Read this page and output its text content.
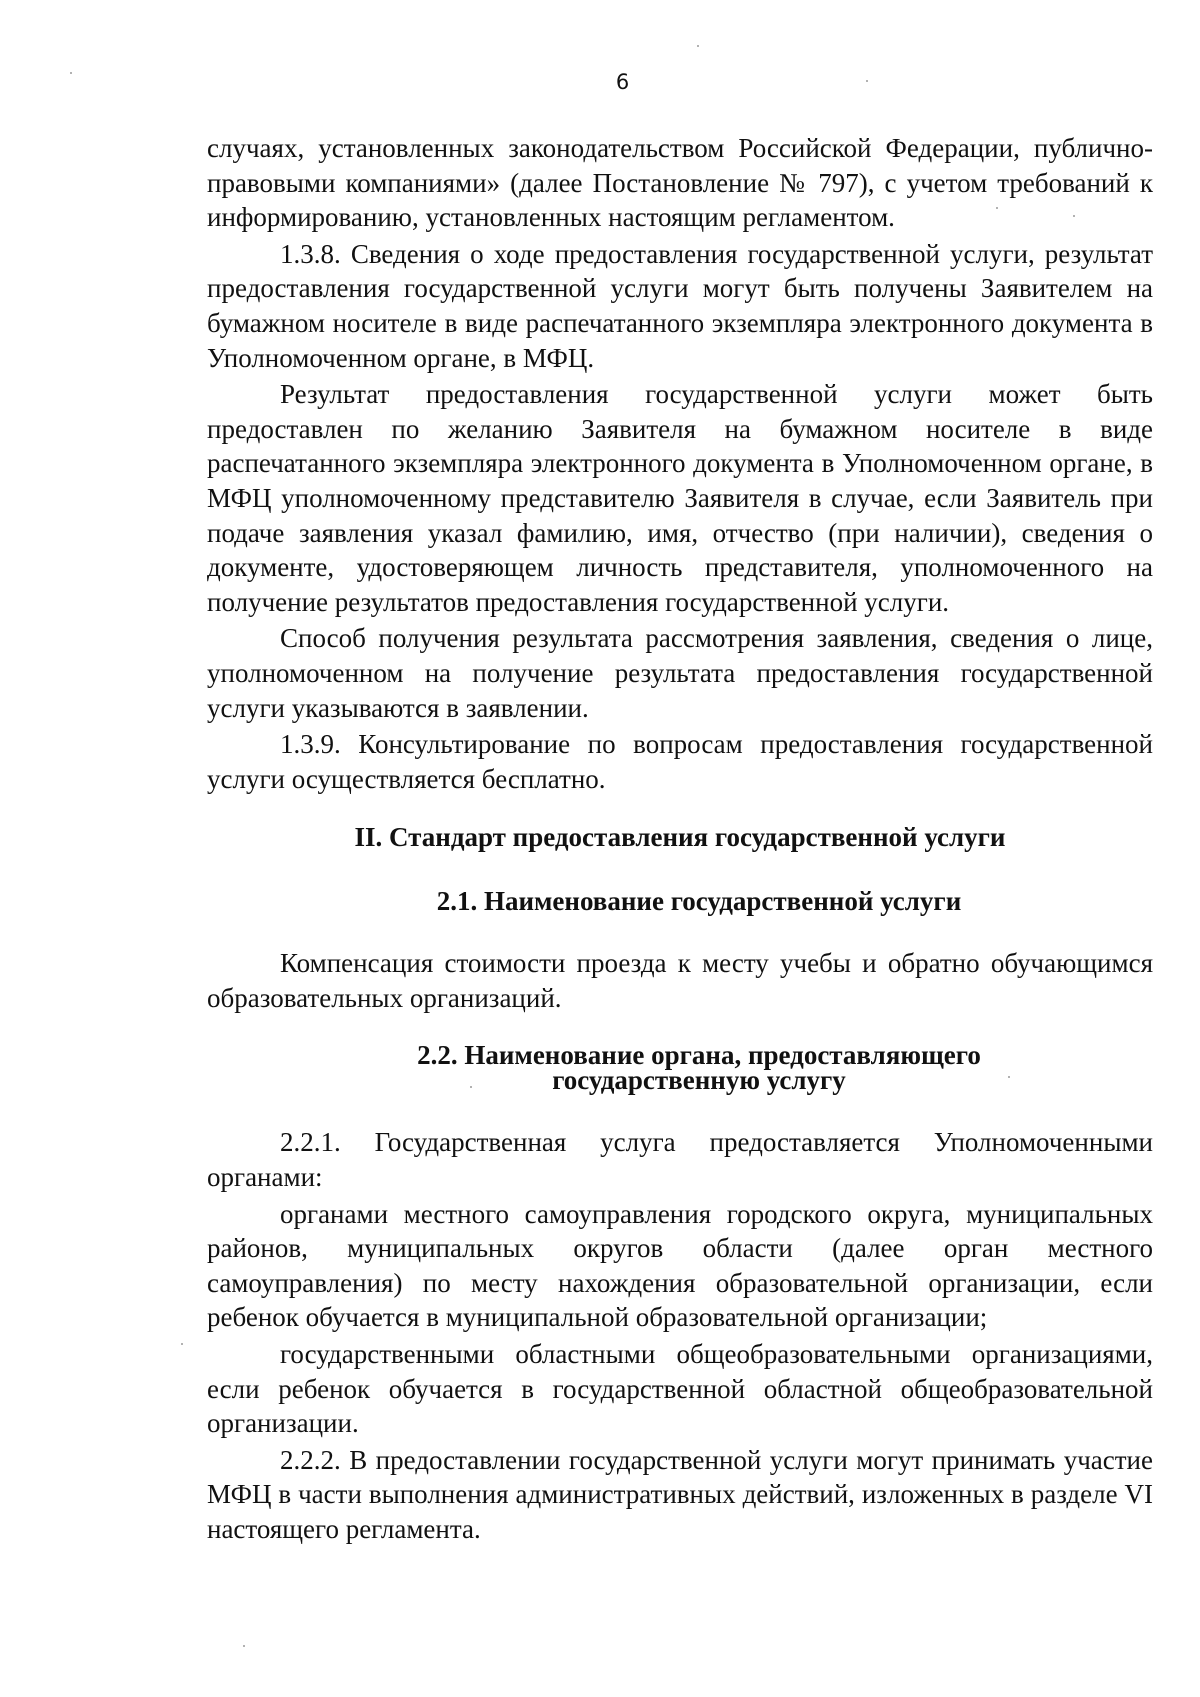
6

случаях, установленных законодательством Российской Федерации, публично-правовыми компаниями» (далее Постановление № 797), с учетом требований к информированию, установленных настоящим регламентом.

1.3.8. Сведения о ходе предоставления государственной услуги, результат предоставления государственной услуги могут быть получены Заявителем на бумажном носителе в виде распечатанного экземпляра электронного документа в Уполномоченном органе, в МФЦ.

Результат предоставления государственной услуги может быть предоставлен по желанию Заявителя на бумажном носителе в виде распечатанного экземпляра электронного документа в Уполномоченном органе, в МФЦ уполномоченному представителю Заявителя в случае, если Заявитель при подаче заявления указал фамилию, имя, отчество (при наличии), сведения о документе, удостоверяющем личность представителя, уполномоченного на получение результатов предоставления государственной услуги.

Способ получения результата рассмотрения заявления, сведения о лице, уполномоченном на получение результата предоставления государственной услуги указываются в заявлении.

1.3.9. Консультирование по вопросам предоставления государственной услуги осуществляется бесплатно.

II. Стандарт предоставления государственной услуги
2.1. Наименование государственной услуги

Компенсация стоимости проезда к месту учебы и обратно обучающимся образовательных организаций.

2.2. Наименование органа, предоставляющего
государственную услугу

2.2.1. Государственная услуга предоставляется Уполномоченными органами:

органами местного самоуправления городского округа, муниципальных районов, муниципальных округов области (далее орган местного самоуправления) по месту нахождения образовательной организации, если ребенок обучается в муниципальной образовательной организации;

государственными областными общеобразовательными организациями, если ребенок обучается в государственной областной общеобразовательной организации.

2.2.2. В предоставлении государственной услуги могут принимать участие МФЦ в части выполнения административных действий, изложенных в разделе VI настоящего регламента.
